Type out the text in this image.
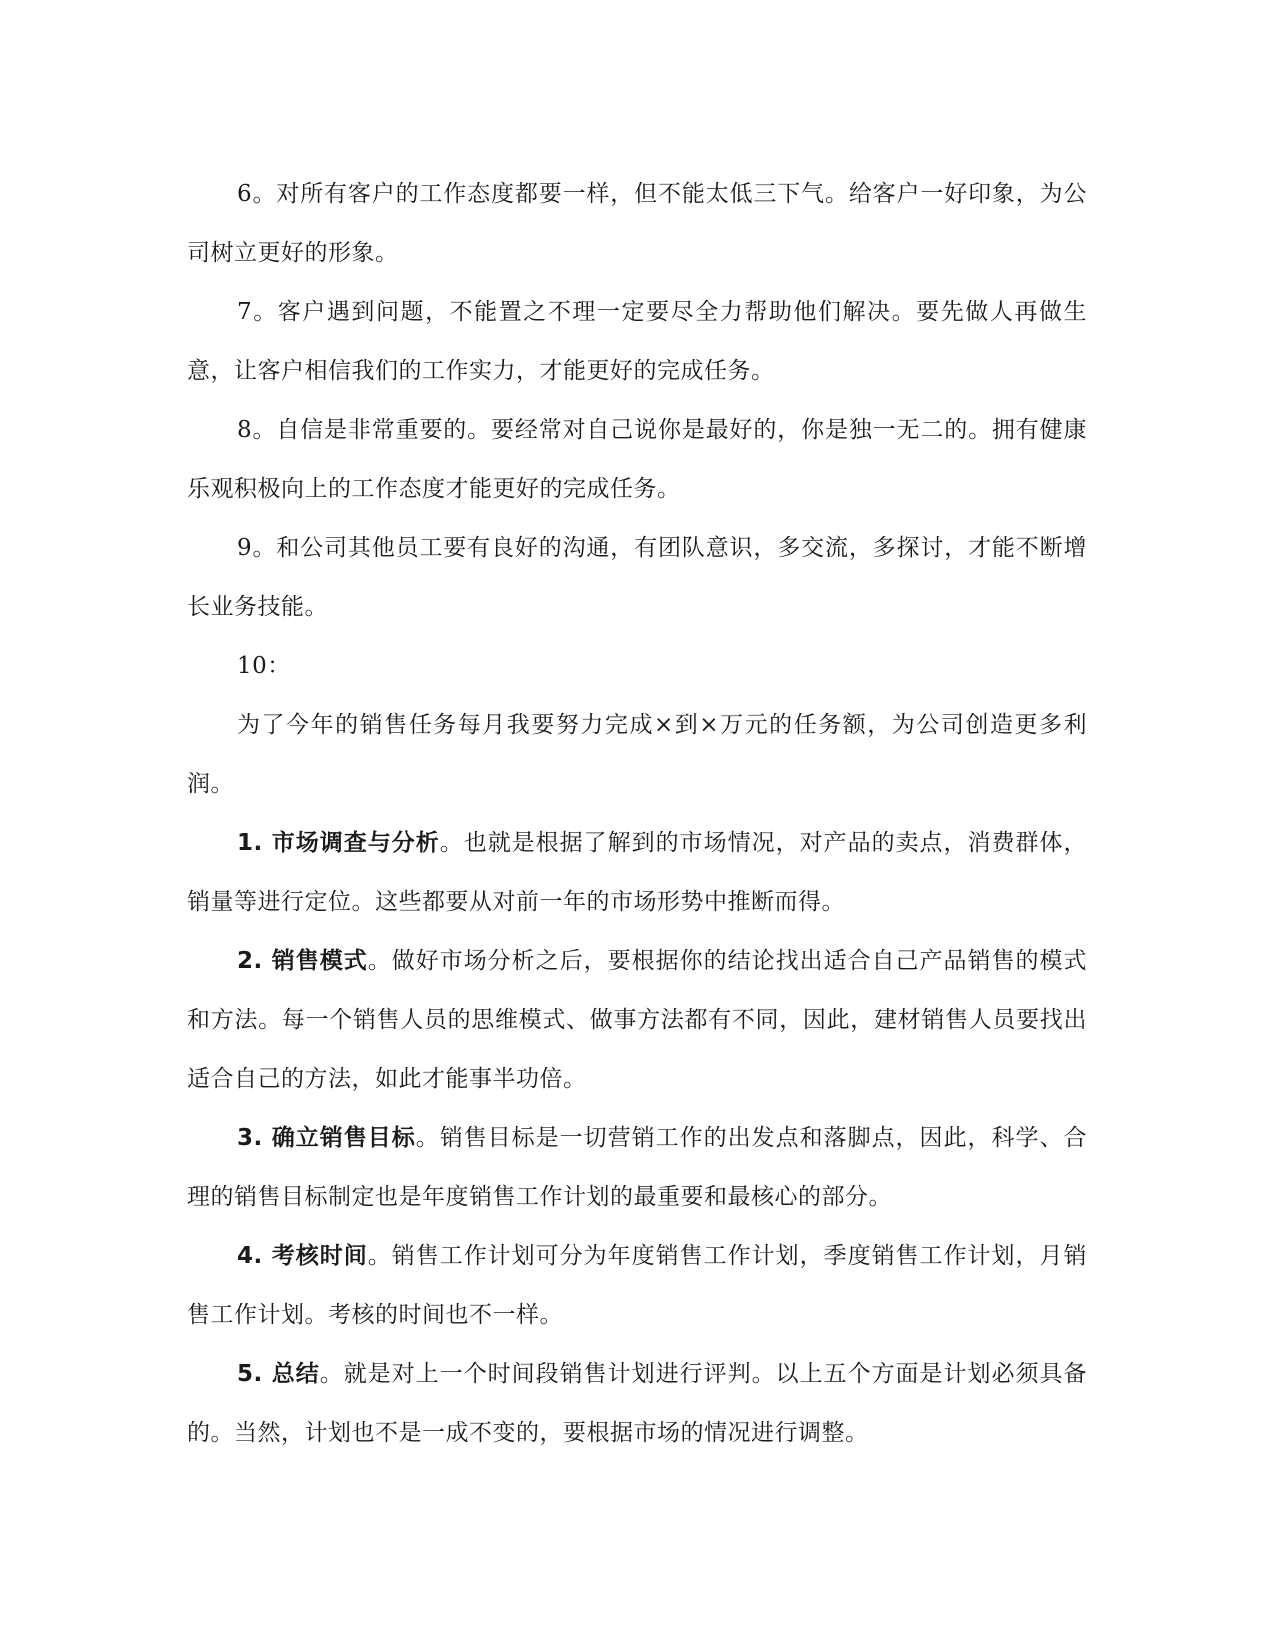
6。对所有客户的工作态度都要一样，但不能太低三下气。给客户一好印象，为公司树立更好的形象。

7。客户遇到问题，不能置之不理一定要尽全力帮助他们解决。要先做人再做生意，让客户相信我们的工作实力，才能更好的完成任务。

8。自信是非常重要的。要经常对自己说你是最好的，你是独一无二的。拥有健康乐观积极向上的工作态度才能更好的完成任务。

9。和公司其他员工要有良好的沟通，有团队意识，多交流，多探讨，才能不断增长业务技能。

10：

为了今年的销售任务每月我要努力完成×到×万元的任务额，为公司创造更多利润。

1. 市场调查与分析。也就是根据了解到的市场情况，对产品的卖点，消费群体，销量等进行定位。这些都要从对前一年的市场形势中推断而得。

2. 销售模式。做好市场分析之后，要根据你的结论找出适合自己产品销售的模式和方法。每一个销售人员的思维模式、做事方法都有不同，因此，建材销售人员要找出适合自己的方法，如此才能事半功倍。

3. 确立销售目标。销售目标是一切营销工作的出发点和落脚点，因此，科学、合理的销售目标制定也是年度销售工作计划的最重要和最核心的部分。

4. 考核时间。销售工作计划可分为年度销售工作计划，季度销售工作计划，月销售工作计划。考核的时间也不一样。

5. 总结。就是对上一个时间段销售计划进行评判。以上五个方面是计划必须具备的。当然，计划也不是一成不变的，要根据市场的情况进行调整。
